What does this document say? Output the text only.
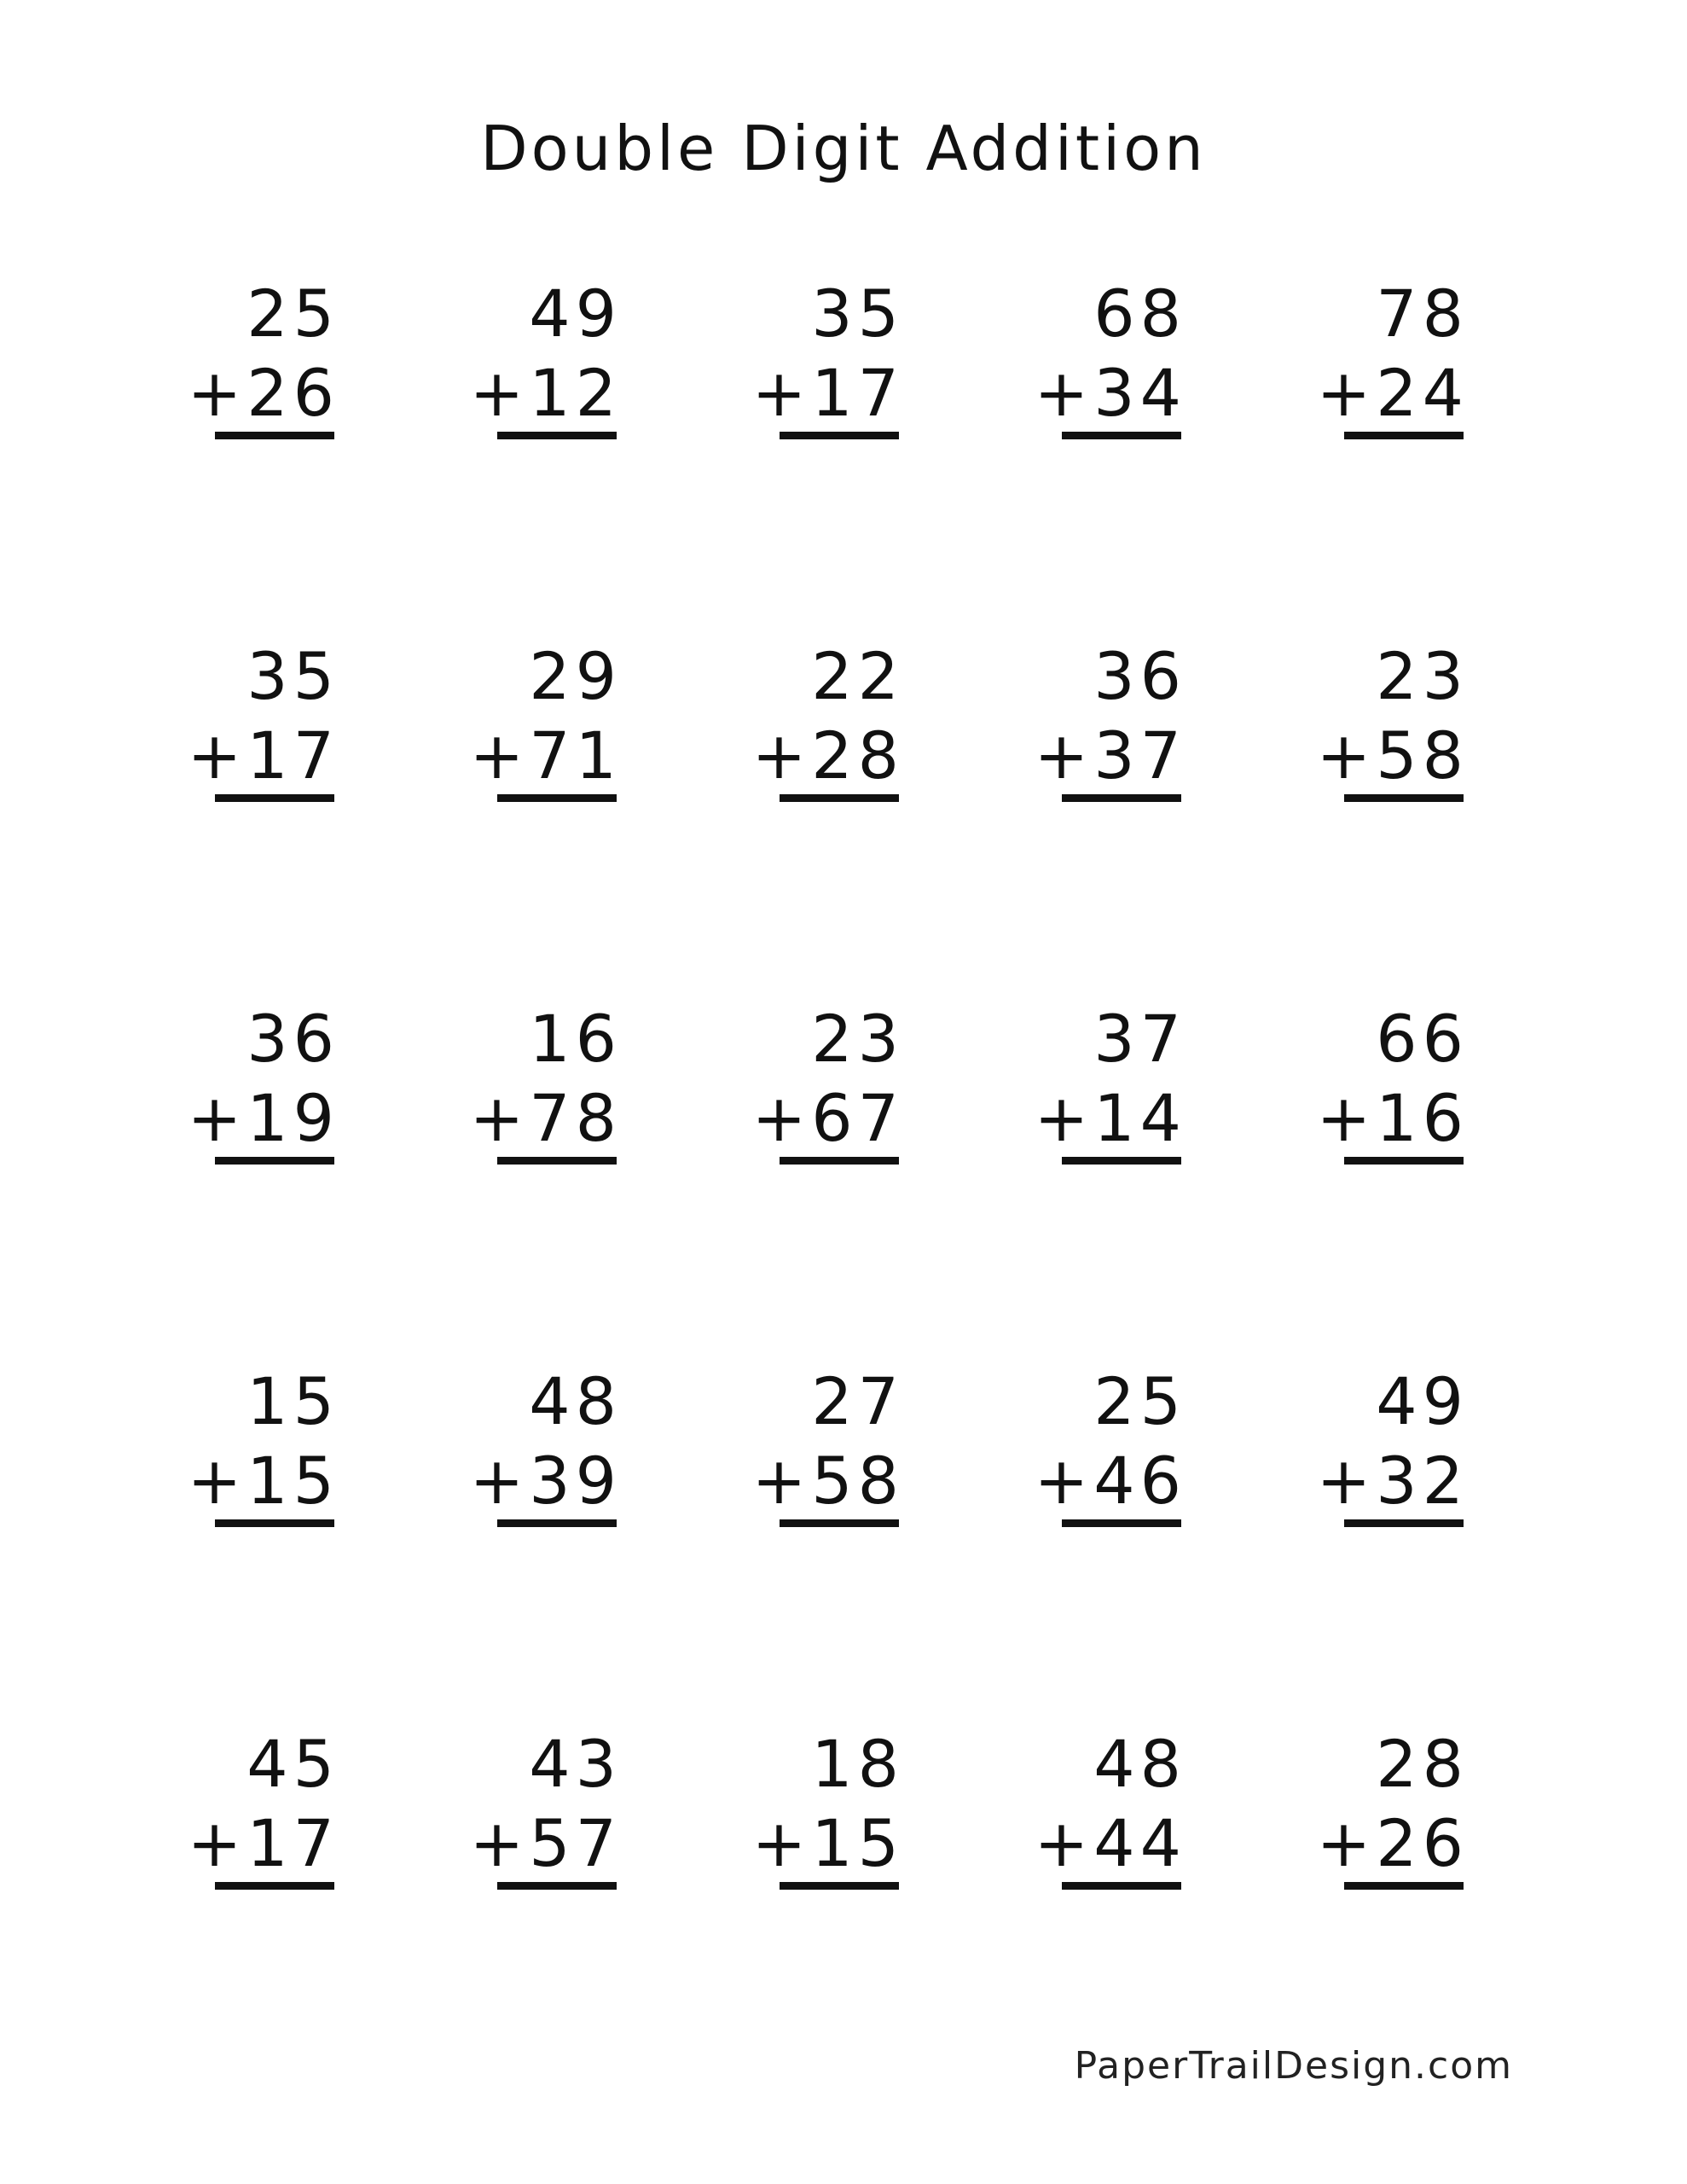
Double Digit Addition
25
+26
49
+12
35
+17
68
+34
78
+24
35
+17
29
+71
22
+28
36
+37
23
+58
36
+19
16
+78
23
+67
37
+14
66
+16
15
+15
48
+39
27
+58
25
+46
49
+32
45
+17
43
+57
18
+15
48
+44
28
+26
PaperTrailDesign.com
